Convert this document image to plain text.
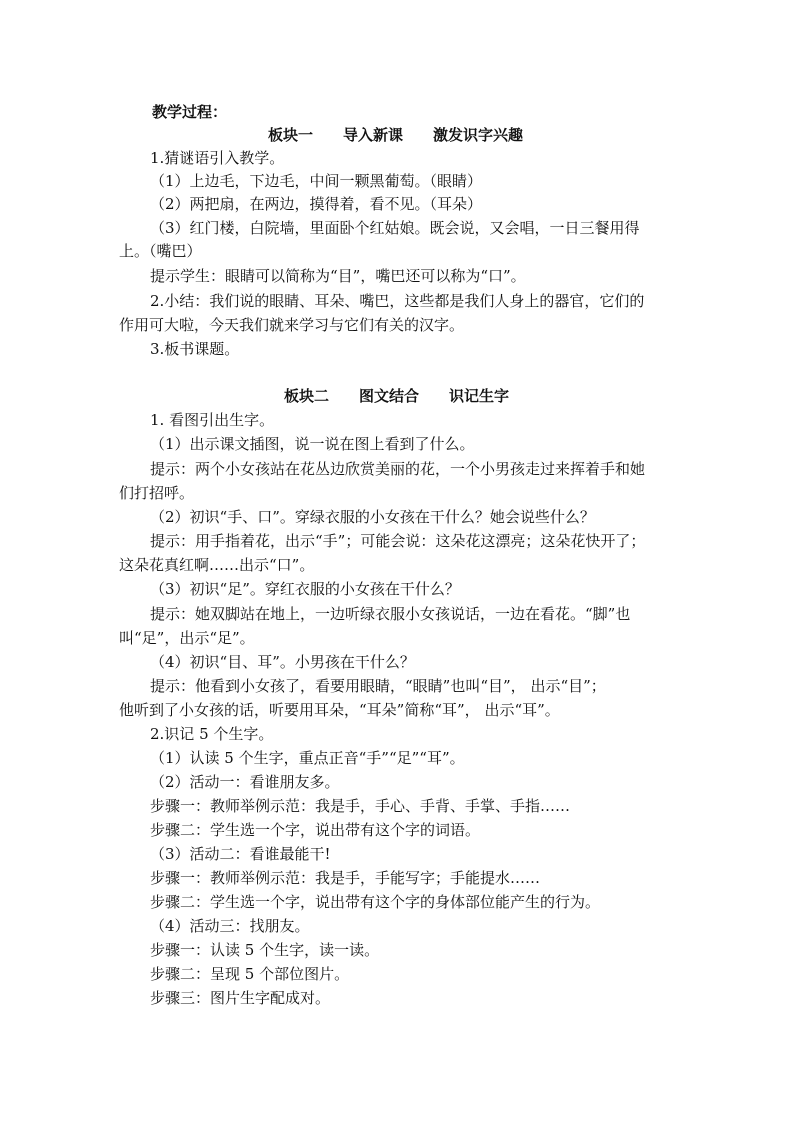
教学过程：
板块一　　导入新课　　激发识字兴趣
1.猜谜语引入教学。
（1）上边毛，下边毛，中间一颗黑葡萄。（眼睛）
（2）两把扇，在两边，摸得着，看不见。（耳朵）
（3）红门楼，白院墙，里面卧个红姑娘。既会说，又会唱，一日三餐用得
上。（嘴巴）
提示学生：眼睛可以简称为“目”，嘴巴还可以称为“口”。
2.小结：我们说的眼睛、耳朵、嘴巴，这些都是我们人身上的器官，它们的
作用可大啦，今天我们就来学习与它们有关的汉字。
3.板书课题。
板块二　　图文结合　　识记生字
1. 看图引出生字。
（1）出示课文插图，说一说在图上看到了什么。
提示：两个小女孩站在花丛边欣赏美丽的花，一个小男孩走过来挥着手和她
们打招呼。
（2）初识“手、口”。穿绿衣服的小女孩在干什么？她会说些什么？
提示：用手指着花，出示“手”；可能会说：这朵花这漂亮；这朵花快开了；
这朵花真红啊……出示“口”。
（3）初识“足”。穿红衣服的小女孩在干什么？
提示：她双脚站在地上，一边听绿衣服小女孩说话，一边在看花。“脚”也
叫“足”，出示“足”。
（4）初识“目、耳”。小男孩在干什么？
提示：他看到小女孩了，看要用眼睛，“眼睛”也叫“目”， 出示“目”；
他听到了小女孩的话，听要用耳朵，“耳朵”简称“耳”， 出示“耳”。
2.识记 5 个生字。
（1）认读 5 个生字，重点正音“手”“足”“耳”。
（2）活动一：看谁朋友多。
步骤一：教师举例示范：我是手，手心、手背、手掌、手指……
步骤二：学生选一个字，说出带有这个字的词语。
（3）活动二：看谁最能干!
步骤一：教师举例示范：我是手，手能写字；手能提水……
步骤二：学生选一个字，说出带有这个字的身体部位能产生的行为。
（4）活动三：找朋友。
步骤一：认读 5 个生字，读一读。
步骤二：呈现 5 个部位图片。
步骤三：图片生字配成对。
